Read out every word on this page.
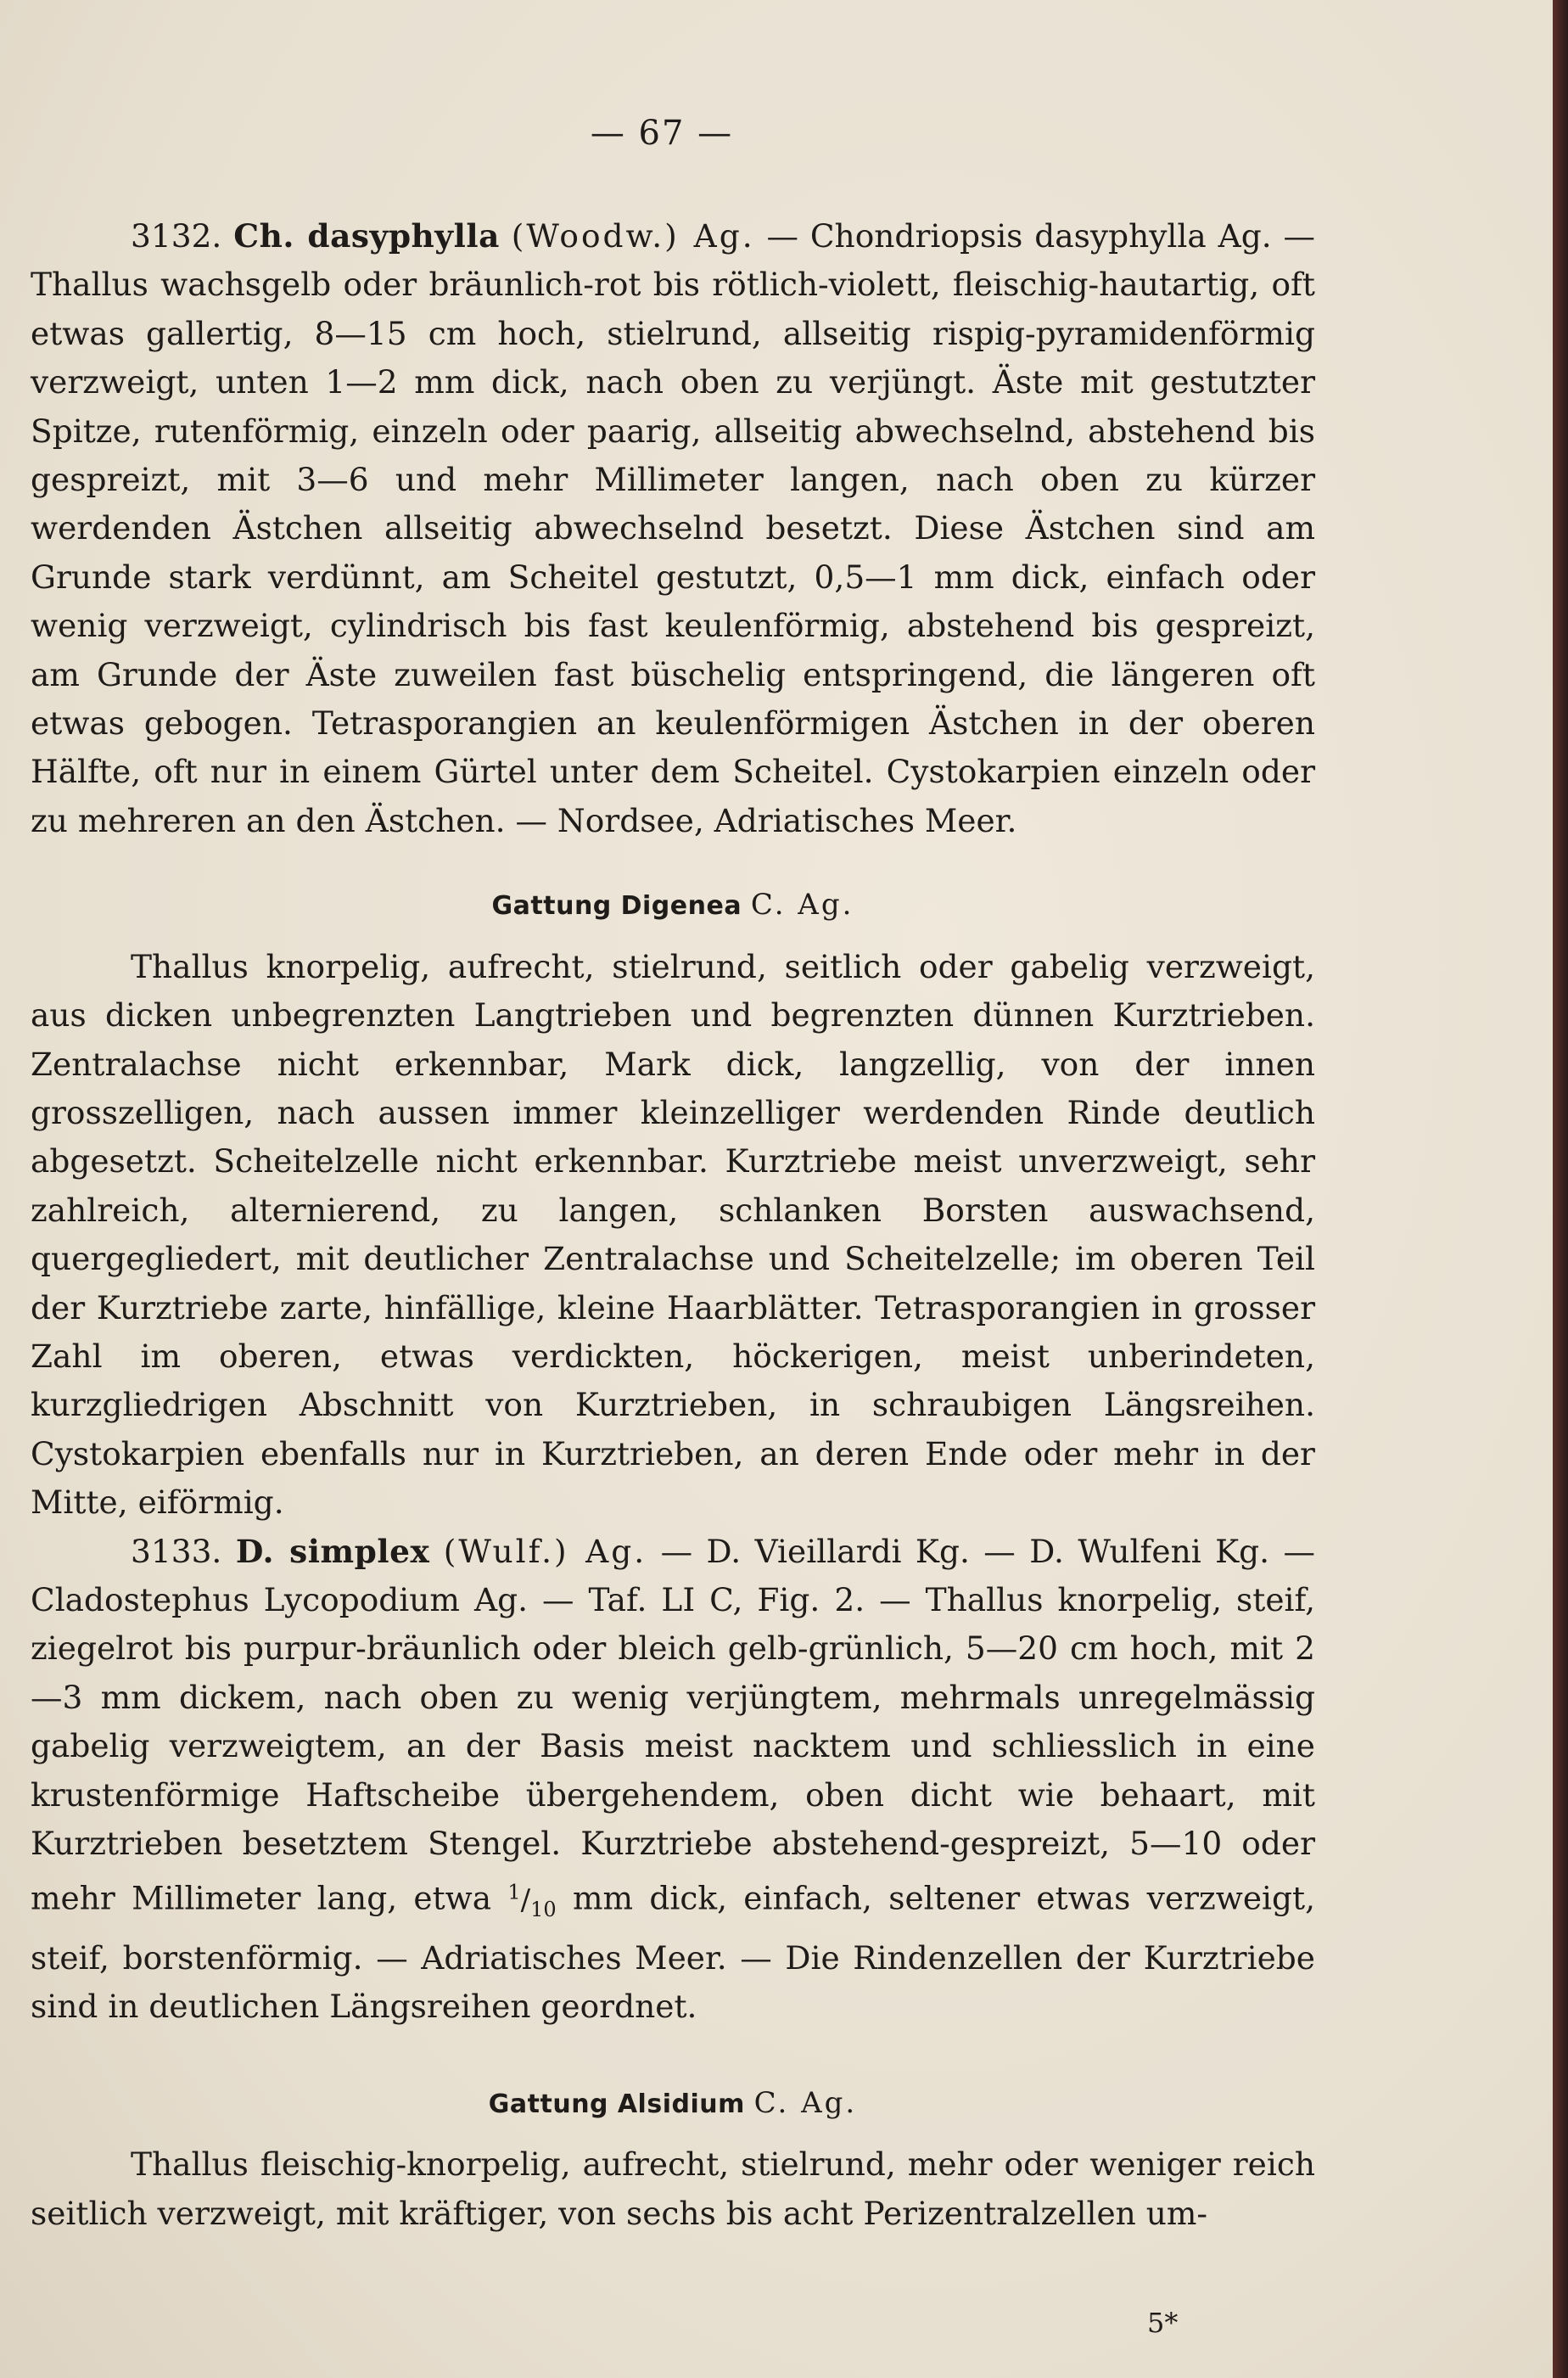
— 67 —

3132. Ch. dasyphylla (Woodw.) Ag. — Chondriopsis dasyphylla Ag. — Thallus wachsgelb oder bräunlich-rot bis rötlich-violett, fleischig-hautartig, oft etwas gallertig, 8—15 cm hoch, stielrund, allseitig rispig-pyramidenförmig verzweigt, unten 1—2 mm dick, nach oben zu verjüngt. Äste mit gestutzter Spitze, rutenförmig, einzeln oder paarig, allseitig abwechselnd, abstehend bis gespreizt, mit 3—6 und mehr Millimeter langen, nach oben zu kürzer werdenden Ästchen allseitig abwechselnd besetzt. Diese Ästchen sind am Grunde stark verdünnt, am Scheitel gestutzt, 0,5—1 mm dick, einfach oder wenig verzweigt, cylindrisch bis fast keulenförmig, abstehend bis gespreizt, am Grunde der Äste zuweilen fast büschelig entspringend, die längeren oft etwas gebogen. Tetrasporangien an keulenförmigen Ästchen in der oberen Hälfte, oft nur in einem Gürtel unter dem Scheitel. Cystokarpien einzeln oder zu mehreren an den Ästchen. — Nordsee, Adriatisches Meer.

Gattung Digenea C. Ag.

Thallus knorpelig, aufrecht, stielrund, seitlich oder gabelig verzweigt, aus dicken unbegrenzten Langtrieben und begrenzten dünnen Kurztrieben. Zentralachse nicht erkennbar, Mark dick, langzellig, von der innen grosszelligen, nach aussen immer kleinzelliger werdenden Rinde deutlich abgesetzt. Scheitelzelle nicht erkennbar. Kurztriebe meist unverzweigt, sehr zahlreich, alternierend, zu langen, schlanken Borsten auswachsend, quergegliedert, mit deutlicher Zentralachse und Scheitelzelle; im oberen Teil der Kurztriebe zarte, hinfällige, kleine Haarblätter. Tetrasporangien in grosser Zahl im oberen, etwas verdickten, höckerigen, meist unberindeten, kurzgliedrigen Abschnitt von Kurztrieben, in schraubigen Längsreihen. Cystokarpien ebenfalls nur in Kurztrieben, an deren Ende oder mehr in der Mitte, eiförmig.

3133. D. simplex (Wulf.) Ag. — D. Vieillardi Kg. — D. Wulfeni Kg. — Cladostephus Lycopodium Ag. — Taf. LI C, Fig. 2. — Thallus knorpelig, steif, ziegelrot bis purpur-bräunlich oder bleich gelb-grünlich, 5—20 cm hoch, mit 2—3 mm dickem, nach oben zu wenig verjüngtem, mehrmals unregelmässig gabelig verzweigtem, an der Basis meist nacktem und schliesslich in eine krustenförmige Haftscheibe übergehendem, oben dicht wie behaart, mit Kurztrieben besetztem Stengel. Kurztriebe abstehend-gespreizt, 5—10 oder mehr Millimeter lang, etwa $^1/_{10}$ mm dick, einfach, seltener etwas verzweigt, steif, borstenförmig. — Adriatisches Meer. — Die Rindenzellen der Kurztriebe sind in deutlichen Längsreihen geordnet.

Gattung Alsidium C. Ag.

Thallus fleischig-knorpelig, aufrecht, stielrund, mehr oder weniger reich seitlich verzweigt, mit kräftiger, von sechs bis acht Perizentralzellen um-

5*
